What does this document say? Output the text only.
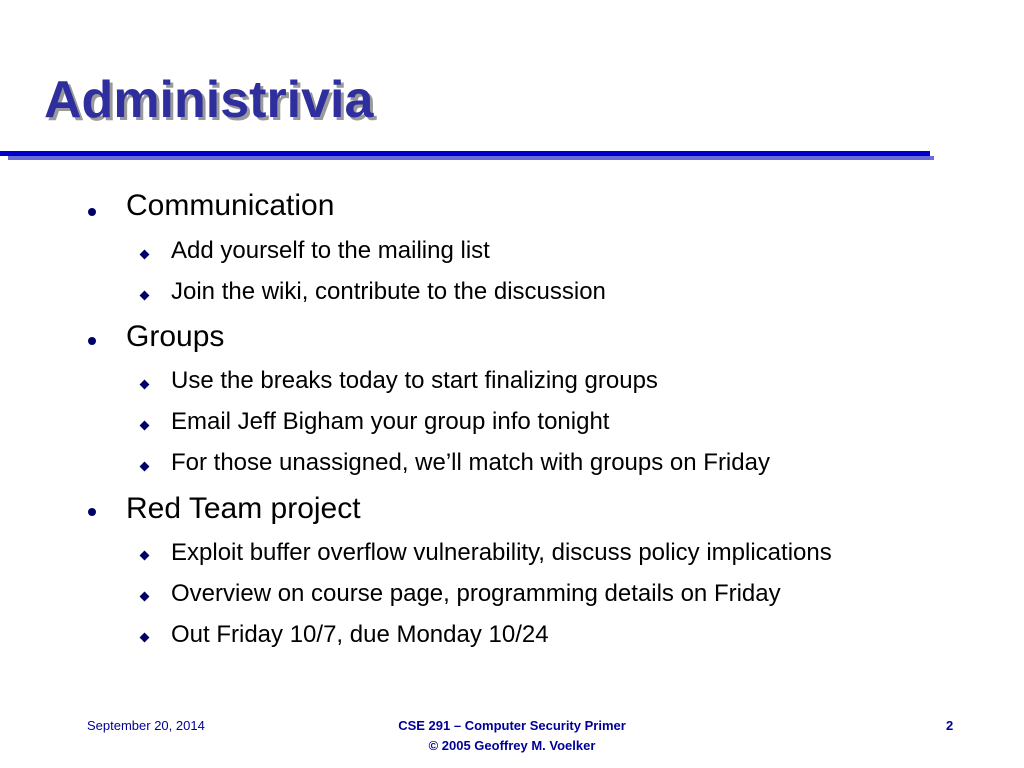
Administrivia
Communication
Add yourself to the mailing list
Join the wiki, contribute to the discussion
Groups
Use the breaks today to start finalizing groups
Email Jeff Bigham your group info tonight
For those unassigned, we’ll match with groups on Friday
Red Team project
Exploit buffer overflow vulnerability, discuss policy implications
Overview on course page, programming details on Friday
Out Friday 10/7, due Monday 10/24
September 20, 2014	CSE 291 – Computer Security Primer
© 2005 Geoffrey M. Voelker
2
